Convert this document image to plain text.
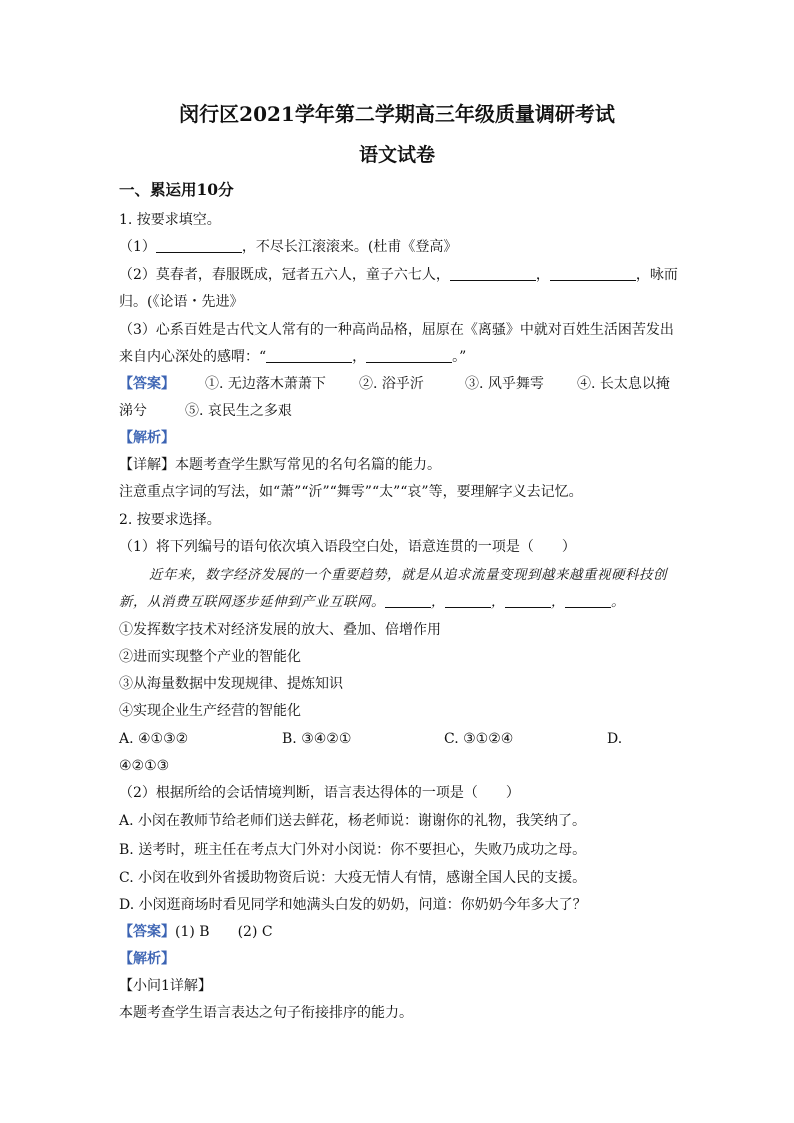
闵行区2021学年第二学期高三年级质量调研考试
语文试卷
一、累运用10分
1. 按要求填空。
（1）	，不尽长江滚滚来。(杜甫《登高》
（2）莫春者，春服既成，冠者五六人，童子六七人，	，	，咏而
归。(《论语・先进》
（3）心系百姓是古代文人常有的一种高尚品格，屈原在《离骚》中就对百姓生活困苦发出
来自内心深处的感喟：“	，	。”
【答案】 ①. 无边落木萧萧下 ②. 浴乎沂	③. 风乎舞雩 ④. 长太息以掩
涕兮	⑤. 哀民生之多艰
【解析】
【详解】本题考查学生默写常见的名句名篇的能力。
注意重点字词的写法，如“萧”“沂”“舞雩”“太”“哀”等，要理解字义去记忆。
2. 按要求选择。
（1）将下列编号的语句依次填入语段空白处，语意连贯的一项是（　　）
近年来，数字经济发展的一个重要趋势，就是从追求流量变现到越来越重视硬科技创
新，从消费互联网逐步延伸到产业互联网。	，	，	，	。
①发挥数字技术对经济发展的放大、叠加、倍增作用
②进而实现整个产业的智能化
③从海量数据中发现规律、提炼知识
④实现企业生产经营的智能化
A. ④①③②	B. ③④②①	C. ③①②④	D.
④②①③
（2）根据所给的会话情境判断，语言表达得体的一项是（　　）
A. 小闵在教师节给老师们送去鲜花，杨老师说：谢谢你的礼物，我笑纳了。
B. 送考时，班主任在考点大门外对小闵说：你不要担心，失败乃成功之母。
C. 小闵在收到外省援助物资后说：大疫无情人有情，感谢全国人民的支援。
D. 小闵逛商场时看见同学和她满头白发的奶奶，问道：你奶奶今年多大了？
【答案】(1) B　　(2) C
【解析】
【小问1详解】
本题考查学生语言表达之句子衔接排序的能力。
